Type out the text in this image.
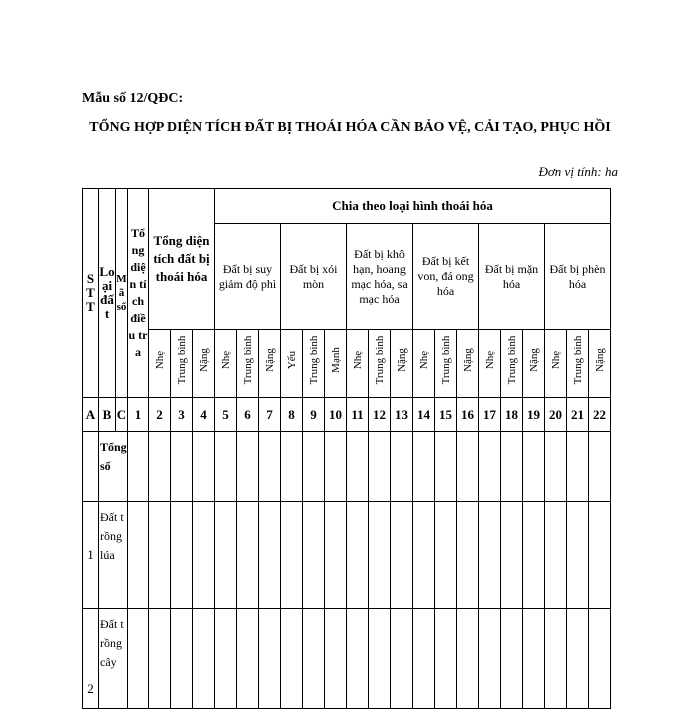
Mẫu số 12/QĐC:
TỔNG HỢP DIỆN TÍCH ĐẤT BỊ THOÁI HÓA CẦN BẢO VỆ, CẢI TẠO, PHỤC HỒI
Đơn vị tính: ha
STT	Loại đất	Mã số	Tổng diện tích điều tra	Tổng diện tích đất bị thoái hóa			Chia theo loại hình thoái hóa																	
							Đất bị suy giảm độ phì			Đất bị xói mòn			Đất bị khô hạn, hoang mạc hóa, sa mạc hóa			Đất bị kết von, đá ong hóa			Đất bị mặn hóa			Đất bị phèn hóa		

				Nhẹ	Trung bình	Nặng	Nhẹ	Trung bình	Nặng	Yếu	Trung bình	Mạnh	Nhẹ	Trung bình	Nặng	Nhẹ	Trung bình	Nặng	Nhẹ	Trung bình	Nặng	Nhẹ	Trung bình	Nặng

A	B	C	1	2	3	4	5	6	7	8	9	10	11	12	13	14	15	16	17	18	19	20	21	22
	Tổng số																							
1	Đất trồng lúa																							
2	Đất trồng cây																							
